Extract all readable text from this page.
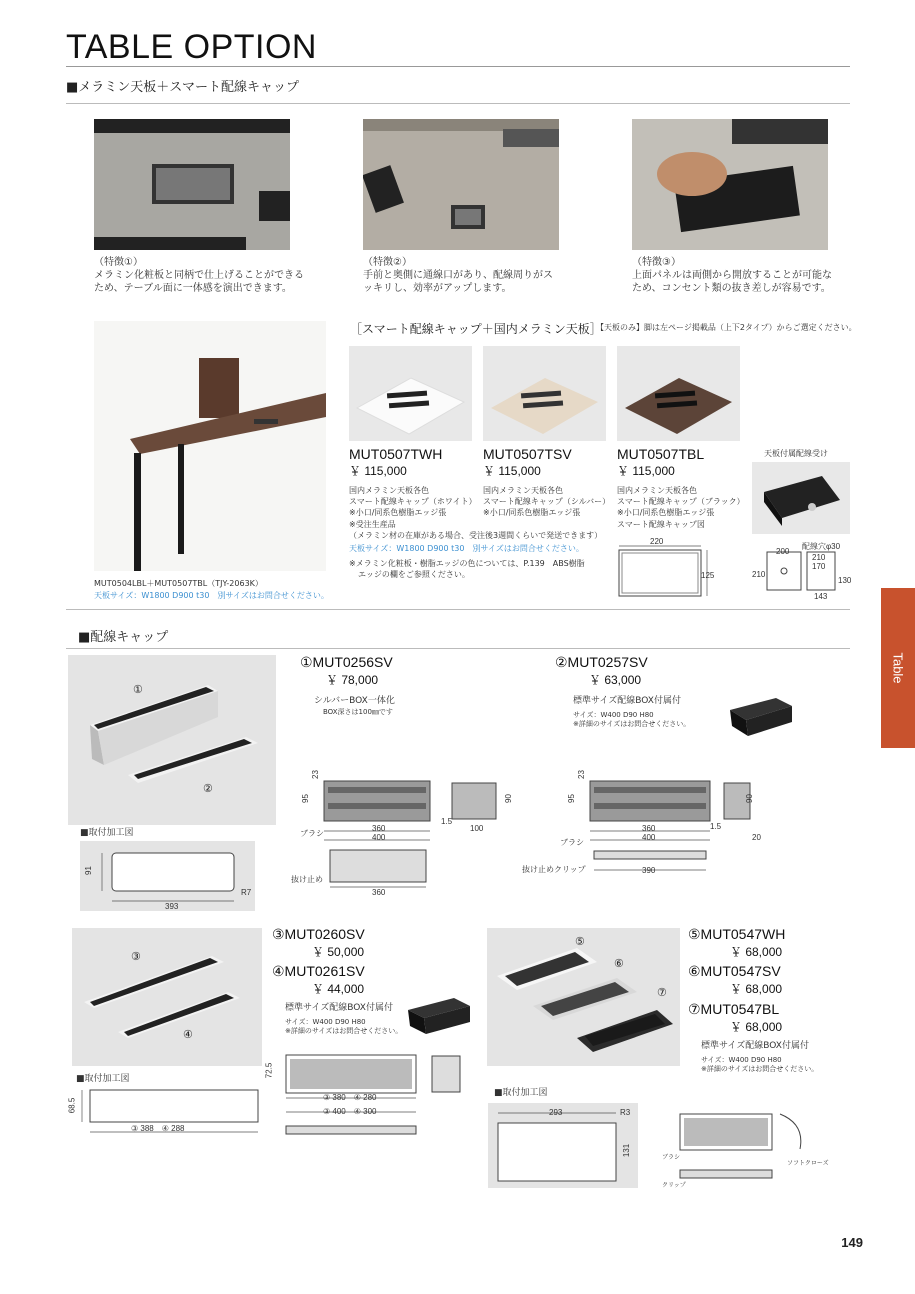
TABLE OPTION
■メラミン天板＋スマート配線キャップ
（特徴①）
メラミン化粧板と同柄で仕上げることができるため、テーブル面に一体感を演出できます。
（特徴②）
手前と奥側に通線口があり、配線周りがスッキリし、効率がアップします。
（特徴③）
上面パネルは両側から開放することが可能なため、コンセント類の抜き差しが容易です。
MUT0504LBL＋MUT0507TBL（TJY-2063K）
天板サイズ：W1800 D900 t30　別サイズはお問合せください。
［スマート配線キャップ＋国内メラミン天板］
【天板のみ】脚は左ページ掲載品（上下2タイプ）からご選定ください。
MUT0507TWH
￥ 115,000
国内メラミン天板各色
スマート配線キャップ（ホワイト）
※小口/同系色樹脂エッジ張
MUT0507TSV
￥ 115,000
国内メラミン天板各色
スマート配線キャップ（シルバー）
※小口/同系色樹脂エッジ張
MUT0507TBL
￥ 115,000
国内メラミン天板各色
スマート配線キャップ（ブラック）
※小口/同系色樹脂エッジ張
※受注生産品
（メラミン材の在庫がある場合、受注後3週間くらいで発送できます）
天板サイズ：W1800 D900 t30　別サイズはお問合せください。
※メラミン化粧板・樹脂エッジの色については、P.139　ABS樹脂
エッジの欄をご参照ください。
スマート配線キャップ図
220
125
天板付属配線受け
配線穴φ30
200
210
170
210
130
143
■配線キャップ
Table
①
②
①MUT0256SV
￥ 78,000
シルバーBOX一体化
BOX深さは100㎜です
②MUT0257SV
￥ 63,000
標準サイズ配線BOX付属付
サイズ：W400 D90 H80
※詳細のサイズはお問合せください。
23
95	90
360
400
1.5
100
ブラシ
抜け止め
360
23
95	90
360
400
1.5
20
ブラシ
抜け止めクリップ	390
■取付加工図
91
393
R7
③
④
③MUT0260SV
￥ 50,000
④MUT0261SV
￥ 44,000
標準サイズ配線BOX付属付
サイズ：W400 D90 H80
※詳細のサイズはお問合せください。
72.5
③ 380　④ 280
③ 400　④ 300
■取付加工図
68.5
③ 388　④ 288
⑤
⑥
⑦
⑤MUT0547WH
￥ 68,000
⑥MUT0547SV
￥ 68,000
⑦MUT0547BL
￥ 68,000
標準サイズ配線BOX付属付
サイズ：W400 D90 H80
※詳細のサイズはお問合せください。
■取付加工図
293	R3
131
ソフトクローズ
ブラシ
クリップ
149
